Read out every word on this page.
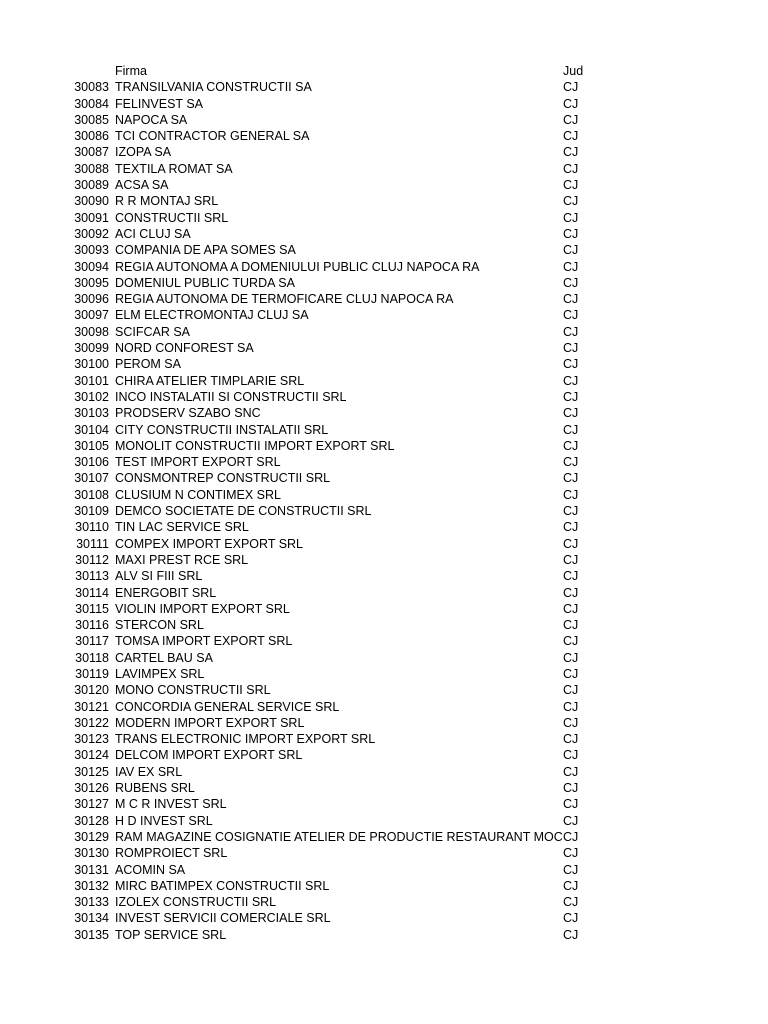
Firma	Jud
30083 TRANSILVANIA CONSTRUCTII SA	CJ
30084 FELINVEST SA	CJ
30085 NAPOCA SA	CJ
30086 TCI CONTRACTOR GENERAL SA	CJ
30087 IZOPA SA	CJ
30088 TEXTILA ROMAT SA	CJ
30089 ACSA SA	CJ
30090 R R MONTAJ SRL	CJ
30091 CONSTRUCTII SRL	CJ
30092 ACI CLUJ SA	CJ
30093 COMPANIA DE APA SOMES SA	CJ
30094 REGIA AUTONOMA A DOMENIULUI PUBLIC CLUJ NAPOCA RA	CJ
30095 DOMENIUL PUBLIC TURDA SA	CJ
30096 REGIA AUTONOMA DE TERMOFICARE CLUJ NAPOCA RA	CJ
30097 ELM ELECTROMONTAJ CLUJ SA	CJ
30098 SCIFCAR SA	CJ
30099 NORD CONFOREST SA	CJ
30100 PEROM SA	CJ
30101 CHIRA ATELIER TIMPLARIE SRL	CJ
30102 INCO INSTALATII SI CONSTRUCTII SRL	CJ
30103 PRODSERV SZABO SNC	CJ
30104 CITY CONSTRUCTII INSTALATII SRL	CJ
30105 MONOLIT CONSTRUCTII IMPORT EXPORT SRL	CJ
30106 TEST IMPORT EXPORT SRL	CJ
30107 CONSMONTREP CONSTRUCTII SRL	CJ
30108 CLUSIUM N CONTIMEX SRL	CJ
30109 DEMCO SOCIETATE DE CONSTRUCTII SRL	CJ
30110 TIN LAC SERVICE SRL	CJ
30111 COMPEX IMPORT EXPORT SRL	CJ
30112 MAXI PREST RCE SRL	CJ
30113 ALV SI FIII SRL	CJ
30114 ENERGOBIT SRL	CJ
30115 VIOLIN IMPORT EXPORT SRL	CJ
30116 STERCON SRL	CJ
30117 TOMSA IMPORT EXPORT SRL	CJ
30118 CARTEL BAU SA	CJ
30119 LAVIMPEX SRL	CJ
30120 MONO CONSTRUCTII SRL	CJ
30121 CONCORDIA GENERAL SERVICE SRL	CJ
30122 MODERN IMPORT EXPORT SRL	CJ
30123 TRANS ELECTRONIC IMPORT EXPORT SRL	CJ
30124 DELCOM IMPORT EXPORT SRL	CJ
30125 IAV EX SRL	CJ
30126 RUBENS SRL	CJ
30127 M C R INVEST SRL	CJ
30128 H D INVEST SRL	CJ
30129 RAM MAGAZINE COSIGNATIE ATELIER DE PRODUCTIE RESTAURANT MOC CJ
30130 ROMPROIECT SRL	CJ
30131 ACOMIN SA	CJ
30132 MIRC BATIMPEX CONSTRUCTII SRL	CJ
30133 IZOLEX CONSTRUCTII SRL	CJ
30134 INVEST SERVICII COMERCIALE SRL	CJ
30135 TOP SERVICE SRL	CJ
